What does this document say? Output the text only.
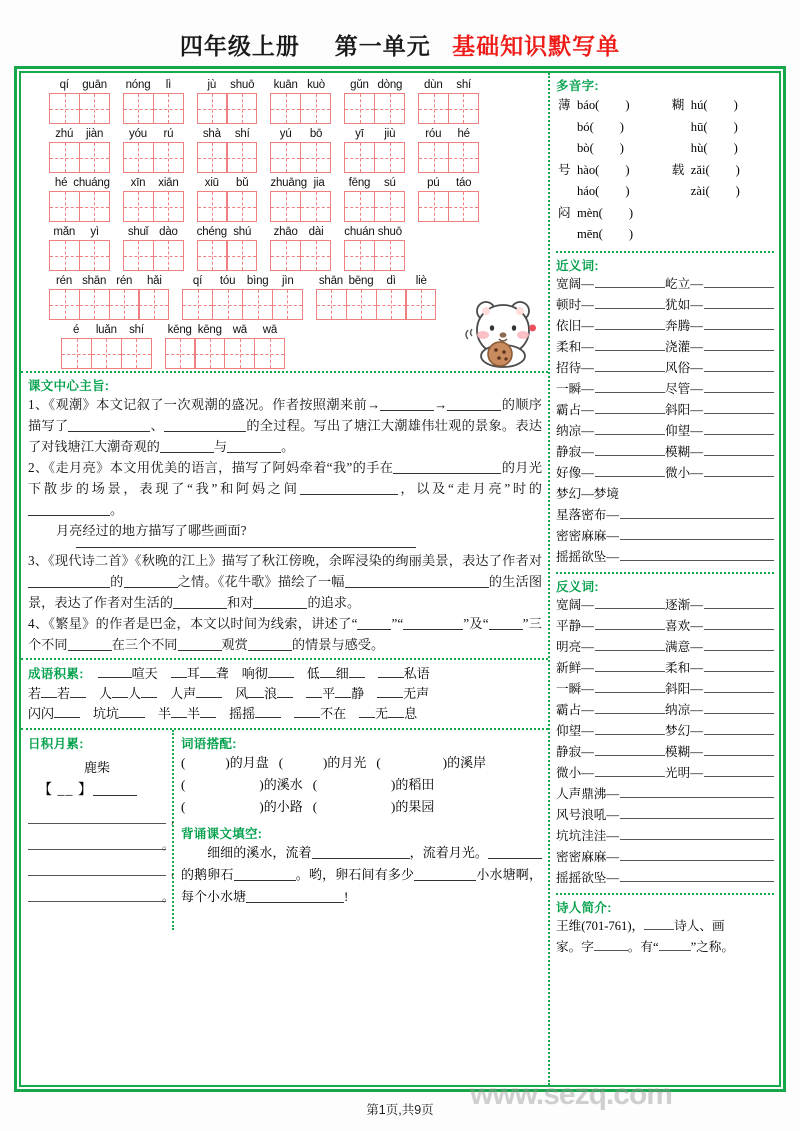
四年级上册 第一单元 基础知识默写单
qí	guān nóng	lì	jù	shuō kuān kuò	gǔn dòng	dùn	shí
zhú	jiàn	yóu	rú	shà	shí	yú	bō	yī	jiù	róu	hé
hé chuáng	xīn	xiān	xiū	bǔ	zhuāng jia	fēng	sú	pú	táo
mǎn	yì	shuǐ dào	chéng shú	zhāo dài	chuán shuō
rén shān rén	hǎi	qí	tóu	bìng	jìn	shān bēng	dì	liè
é	luǎn	shí	kēng kēng wā	wā
课文中心主旨:
1、《观潮》本文记叙了一次观潮的盛况。作者按照潮来前→	→	的顺序描写了	、	的全过程。写出了塘江大潮雄伟壮观的景象。表达了对钱塘江大潮奇观的	与	。
2、《走月亮》本文用优美的语言，描写了阿妈牵着“我”的手在	的月光下散步的场景，表现了“我”和阿妈之间	，以及“走月亮”时的。
月亮经过的地方描写了哪些画面?
3、《现代诗二首》《秋晚的江上》描写了秋江傍晚，余晖浸染的绚丽美景，表达了作者对的	之情。《花牛歌》描绘了一幅	的生活图景，表达了作者对生活的	和对	的追求。
4、《繁星》的作者是巴金，本文以时间为线索，讲述了“	”“	”及“	”三个不同	在三个不同	观赏	的情景与感受。
成语积累:	喧天	耳 聋 响彻	低 细	私语
若 若	人 人	人声	风 浪	平 静	无声
闪闪	坑坑	半 半	摇摇	不在	无 息
日积月累:
鹿柴
【 __ 】
,
。
,
。
词语搭配:
(	)的月盘 (	)的月光 (	)的溪岸
(	)的溪水 (	)的稻田
(	)的小路 (	)的果园
背诵课文填空:
　　细细的溪水，流着	，流着月光。的鹅卵石	。哟，卵石间有多少	小水塘啊，每个小水塘	!
多音字:
薄	báo( )	糊	hú( )
	bó( )		hū( )
	bò( )		hù( )
号	hào( )	载	zǎi( )
	háo( )		zài( )
闷	mèn( )		
	mēn( )		
近义词:
宽阔—	屹立—
顿时—	犹如—
依旧—	奔腾—
柔和—	浇灌—
招待—	风俗—
一瞬—	尽管—
霸占—	斜阳—
纳凉—	仰望—
静寂—	模糊—
好像—	微小—
梦幻—梦境
星落密布—
密密麻麻—
摇摇欲坠—
反义词:
宽阔—	逐渐—
平静—	喜欢—
明亮—	满意—
新鲜—	柔和—
一瞬—	斜阳—
霸占—	纳凉—
仰望—	梦幻—
静寂—	模糊—
微小—	光明—
人声鼎沸—
风号浪吼—
坑坑洼洼—
密密麻麻—
摇摇欲坠—
诗人简介:
王维(701-761)， 诗人、画
家。字	。有“	”之称。
www.sezq.com
第1页,共9页
